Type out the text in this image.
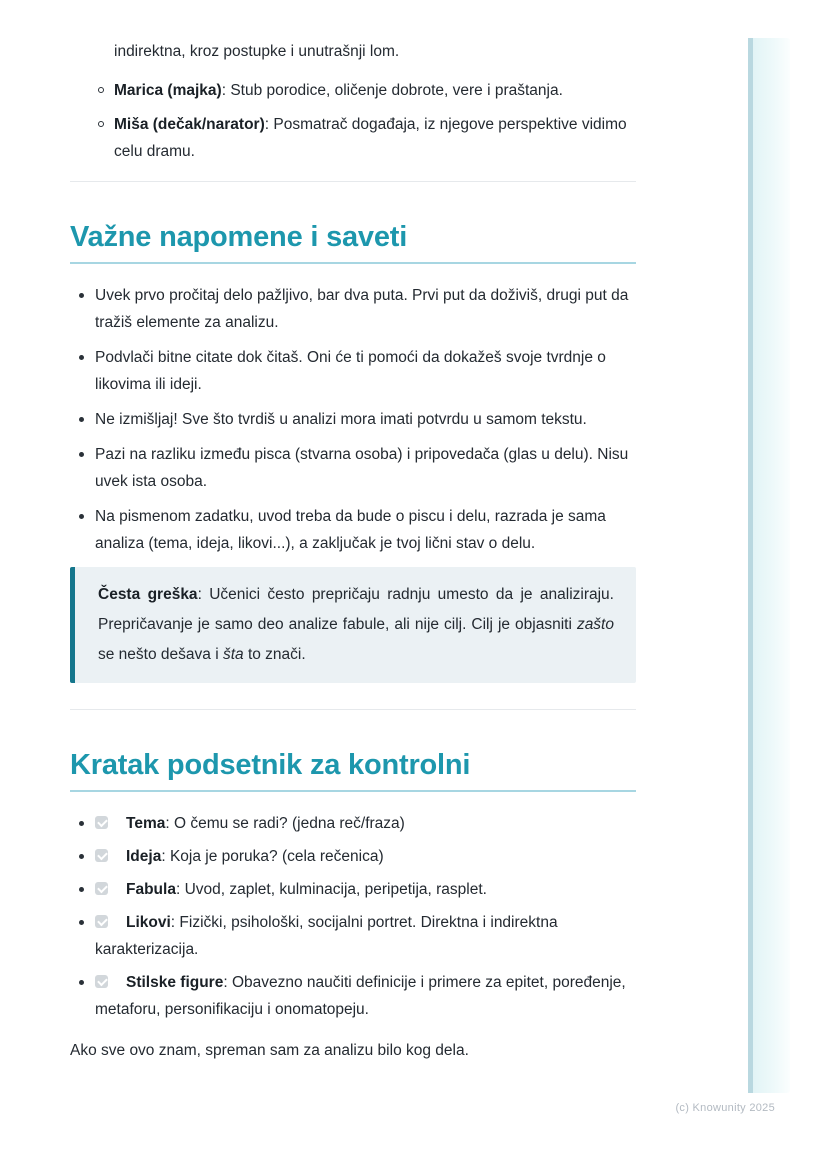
indirektna, kroz postupke i unutrašnji lom.

Marica (majka): Stub porodice, oličenje dobrote, vere i praštanja.
Miša (dečak/narator): Posmatrač događaja, iz njegove perspektive vidimo celu dramu.
Važne napomene i saveti
Uvek prvo pročitaj delo pažljivo, bar dva puta. Prvi put da doživiš, drugi put da tražiš elemente za analizu.
Podvlači bitne citate dok čitaš. Oni će ti pomoći da dokažeš svoje tvrdnje o likovima ili ideji.
Ne izmišljaj! Sve što tvrdiš u analizi mora imati potvrdu u samom tekstu.
Pazi na razliku između pisca (stvarna osoba) i pripovedača (glas u delu). Nisu uvek ista osoba.
Na pismenom zadatku, uvod treba da bude o piscu i delu, razrada je sama analiza (tema, ideja, likovi...), a zaključak je tvoj lični stav o delu.

Česta greška: Učenici često prepričaju radnju umesto da je analiziraju. Prepričavanje je samo deo analize fabule, ali nije cilj. Cilj je objasniti zašto se nešto dešava i šta to znači.

Kratak podsetnik za kontrolni
Tema: O čemu se radi? (jedna reč/fraza)
Ideja: Koja je poruka? (cela rečenica)
Fabula: Uvod, zaplet, kulminacija, peripetija, rasplet.
Likovi: Fizički, psihološki, socijalni portret. Direktna i indirektna karakterizacija.
Stilske figure: Obavezno naučiti definicije i primere za epitet, poređenje, metaforu, personifikaciju i onomatopeju.

Ako sve ovo znam, spreman sam za analizu bilo kog dela.

(c) Knowunity 2025
